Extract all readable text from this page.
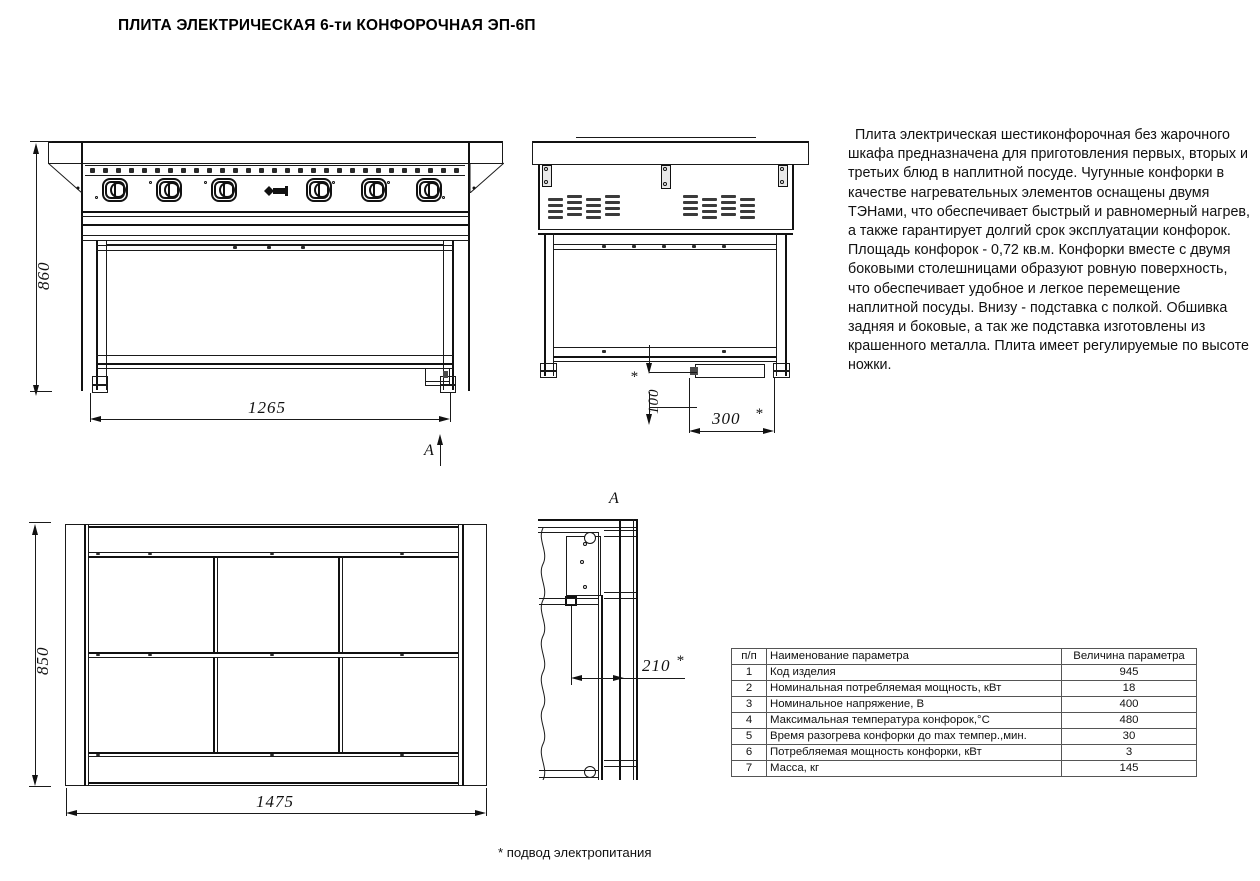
ПЛИТА ЭЛЕКТРИЧЕСКАЯ 6-ти КОНФОРОЧНАЯ ЭП-6П

Плита электрическая шестиконфорочная без жарочного шкафа предназначена для приготовления первых, вторых и третьих блюд в наплитной посуде. Чугунные конфорки в качестве нагревательных элементов оснащены двумя ТЭНами, что обеспечивает быстрый и равномерный нагрев, а также гарантирует долгий срок эксплуатации конфорок. Площадь конфорок - 0,72 кв.м. Конфорки вместе с двумя боковыми столешницами образуют ровную поверхность, что обеспечивает удобное и легкое перемещение наплитной посуды. Внизу - подставка с полкой. Обшивка задняя и боковые, а так же подставка изготовлены из крашенного металла. Плита имеет регулируемые по высоте ножки.

860
1265
A
100
*
300 *
850
1475
A
210 *	п/п	Наименование параметра	Величина параметра
1	Код изделия	945
2	Номинальная потребляемая мощность, кВт	18
3	Номинальное напряжение, В	400
4	Максимальная температура конфорок,°С	480
5	Время разогрева конфорки до max темпер.,мин.	30
6	Потребляемая мощность конфорки, кВт	3
7	Масса, кг	145
* подвод электропитания
